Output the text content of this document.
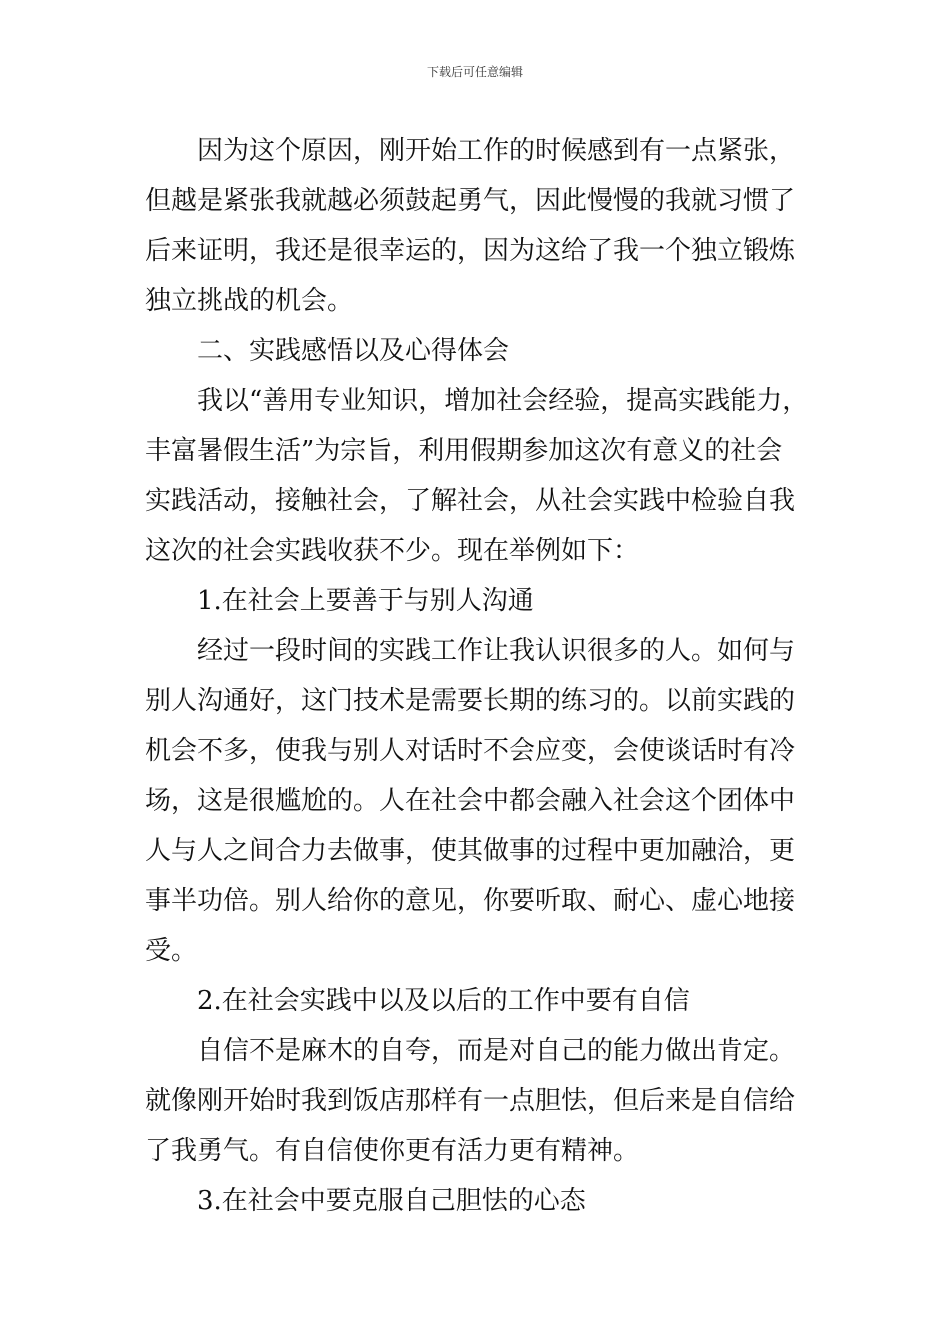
下载后可任意编辑
因为这个原因，刚开始工作的时候感到有一点紧张，
但越是紧张我就越必须鼓起勇气，因此慢慢的我就习惯了
后来证明，我还是很幸运的，因为这给了我一个独立锻炼
独立挑战的机会。
二、实践感悟以及心得体会
我以“善用专业知识，增加社会经验，提高实践能力，
丰富暑假生活”为宗旨，利用假期参加这次有意义的社会
实践活动，接触社会，了解社会，从社会实践中检验自我
这次的社会实践收获不少。现在举例如下：
1.在社会上要善于与别人沟通
经过一段时间的实践工作让我认识很多的人。如何与
别人沟通好，这门技术是需要长期的练习的。以前实践的
机会不多，使我与别人对话时不会应变，会使谈话时有冷
场，这是很尴尬的。人在社会中都会融入社会这个团体中
人与人之间合力去做事，使其做事的过程中更加融洽，更
事半功倍。别人给你的意见，你要听取、耐心、虚心地接
受。
2.在社会实践中以及以后的工作中要有自信
自信不是麻木的自夸，而是对自己的能力做出肯定。
就像刚开始时我到饭店那样有一点胆怯，但后来是自信给
了我勇气。有自信使你更有活力更有精神。
3.在社会中要克服自己胆怯的心态
